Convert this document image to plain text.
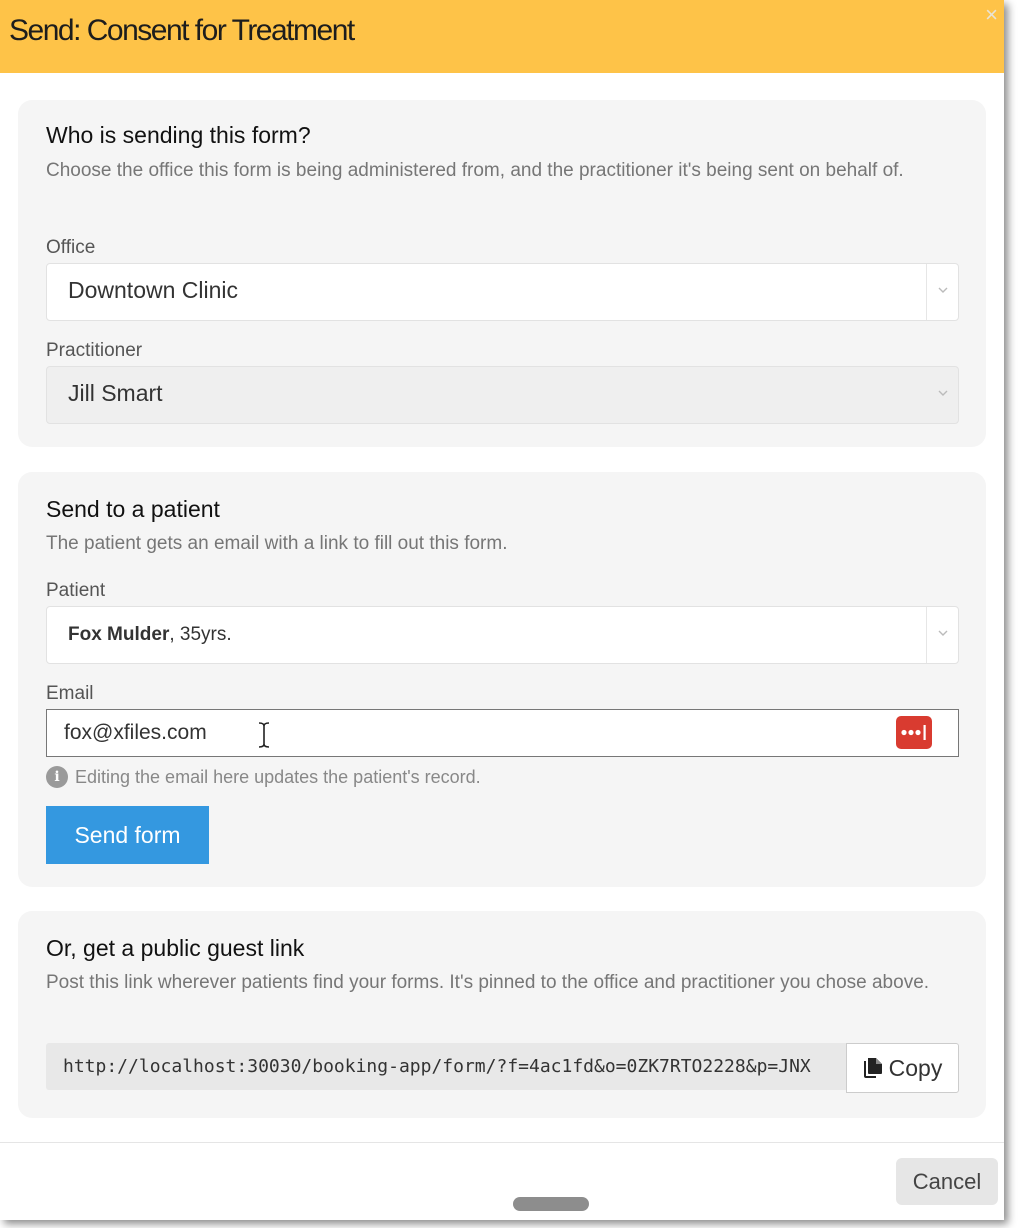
Send: Consent for Treatment	×
Who is sending this form?
Choose the office this form is being administered from, and the practitioner it's being sent on behalf of.
Office
Downtown Clinic
Practitioner
Jill Smart
Send to a patient
The patient gets an email with a link to fill out this form.
Patient
Fox Mulder, 35yrs.
Email
fox@xfiles.com
i Editing the email here updates the patient's record.
Send form
Or, get a public guest link
Post this link wherever patients find your forms. It's pinned to the office and practitioner you chose above.
http://localhost:30030/booking-app/form/?f=4ac1fd&o=0ZK7RTO2228&p=JNX	Copy
Cancel
